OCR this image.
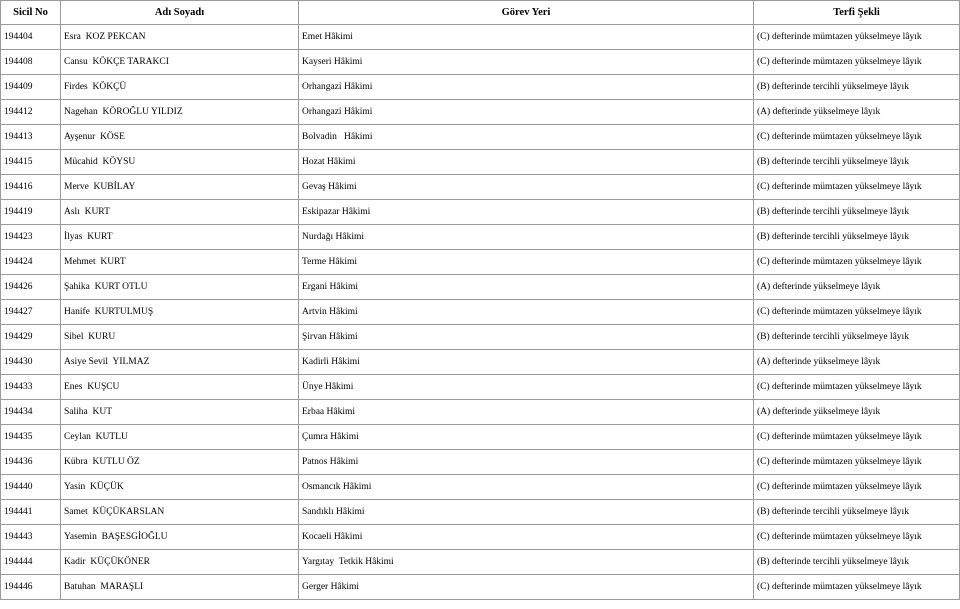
Sicil No	Adı Soyadı	Görev Yeri	Terfi Şekli
194404	Esra  KOZ PEKCAN	Emet Hâkimi	(C) defterinde mümtazen yükselmeye lâyık
194408	Cansu  KÖKÇE TARAKCI	Kayseri Hâkimi	(C) defterinde mümtazen yükselmeye lâyık
194409	Firdes  KÖKÇÜ	Orhangazi Hâkimi	(B) defterinde tercihli yükselmeye lâyık
194412	Nagehan  KÖROĞLU YILDIZ	Orhangazi Hâkimi	(A) defterinde yükselmeye lâyık
194413	Ayşenur  KÖSE	Bolvadin   Hâkimi	(C) defterinde mümtazen yükselmeye lâyık
194415	Mücahid  KÖYSU	Hozat Hâkimi	(B) defterinde tercihli yükselmeye lâyık
194416	Merve  KUBİLAY	Gevaş Hâkimi	(C) defterinde mümtazen yükselmeye lâyık
194419	Aslı  KURT	Eskipazar Hâkimi	(B) defterinde tercihli yükselmeye lâyık
194423	İlyas  KURT	Nurdağı Hâkimi	(B) defterinde tercihli yükselmeye lâyık
194424	Mehmet  KURT	Terme Hâkimi	(C) defterinde mümtazen yükselmeye lâyık
194426	Şahika  KURT OTLU	Ergani Hâkimi	(A) defterinde yükselmeye lâyık
194427	Hanife  KURTULMUŞ	Artvin Hâkimi	(C) defterinde mümtazen yükselmeye lâyık
194429	Sibel  KURU	Şirvan Hâkimi	(B) defterinde tercihli yükselmeye lâyık
194430	Asiye Sevil  YILMAZ	Kadirli Hâkimi	(A) defterinde yükselmeye lâyık
194433	Enes  KUŞCU	Ünye Hâkimi	(C) defterinde mümtazen yükselmeye lâyık
194434	Saliha  KUT	Erbaa Hâkimi	(A) defterinde yükselmeye lâyık
194435	Ceylan  KUTLU	Çumra Hâkimi	(C) defterinde mümtazen yükselmeye lâyık
194436	Kübra  KUTLU ÖZ	Patnos Hâkimi	(C) defterinde mümtazen yükselmeye lâyık
194440	Yasin  KÜÇÜK	Osmancık Hâkimi	(C) defterinde mümtazen yükselmeye lâyık
194441	Samet  KÜÇÜKARSLAN	Sandıklı Hâkimi	(B) defterinde tercihli yükselmeye lâyık
194443	Yasemin  BAŞESGİOĞLU	Kocaeli Hâkimi	(C) defterinde mümtazen yükselmeye lâyık
194444	Kadir  KÜÇÜKÖNER	Yargıtay  Tetkik Hâkimi	(B) defterinde tercihli yükselmeye lâyık
194446	Batuhan  MARAŞLI	Gerger Hâkimi	(C) defterinde mümtazen yükselmeye lâyık
